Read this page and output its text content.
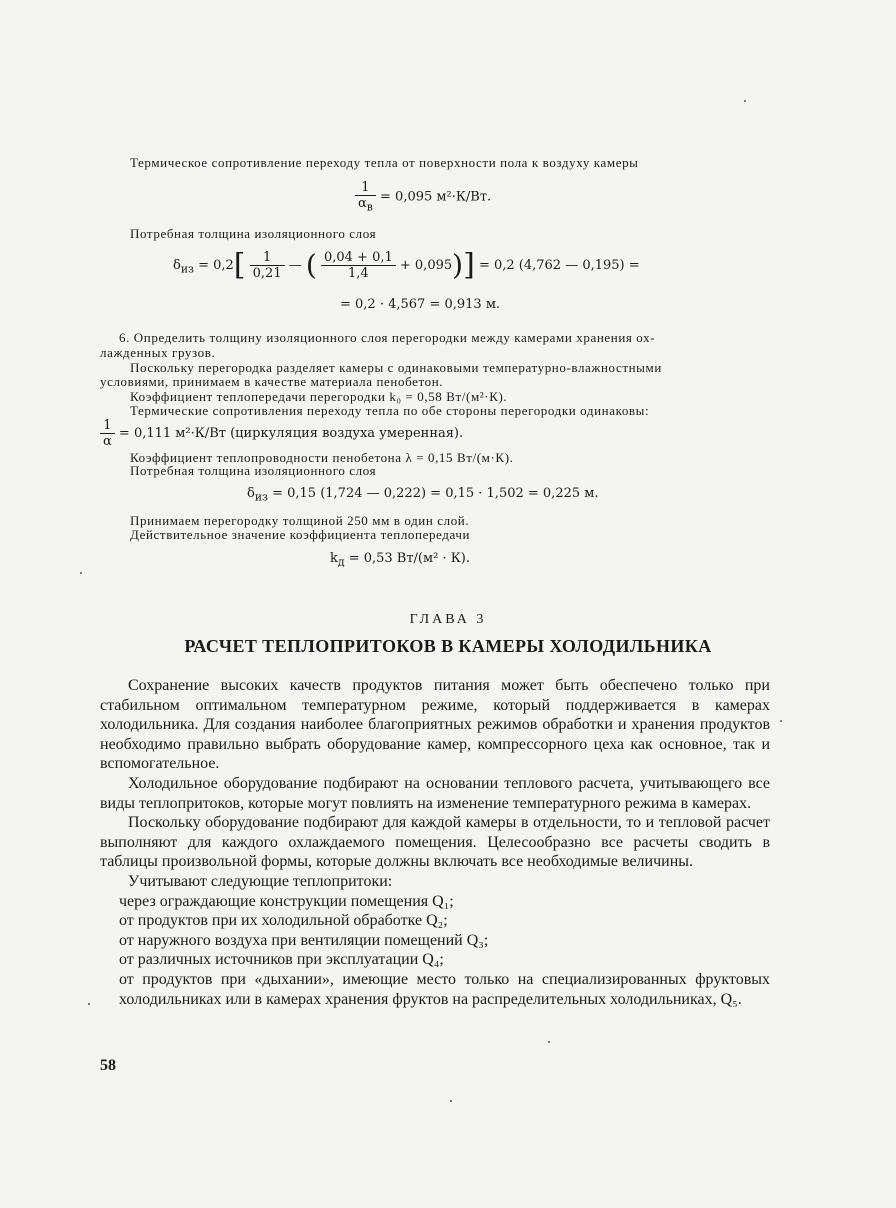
Термическое сопротивление переходу тепла от поверхности пола к воздуху камеры
$\frac{1}{\alpha_в} = 0,095$ м²·К/Вт.
Потребная толщина изоляционного слоя
$\delta_{из} = 0,2[ \frac{1}{0,21}$ — ( $\frac{0,04 + 0,1}{1,4} + 0,095)] = 0,2$ (4,762 — 0,195) =
= 0,2 · 4,567 = 0,913 м.
6. Определить толщину изоляционного слоя перегородки между камерами хранения ох-
лажденных грузов.
Поскольку перегородка разделяет камеры с одинаковыми температурно-влажностными
условиями, принимаем в качестве материала пенобетон.
Коэффициент теплопередачи перегородки k₀ = 0,58 Вт/(м²·К).
Термические сопротивления переходу тепла по обе стороны перегородки одинаковы:
$\frac{1}{\alpha} = 0,111$ м²·К/Вт (циркуляция воздуха умеренная).
Коэффициент теплопроводности пенобетона λ = 0,15 Вт/(м·К).
Потребная толщина изоляционного слоя
$\delta_{из} = 0,15$ (1,724 — 0,222) = 0,15 · 1,502 = 0,225 м.
Принимаем перегородку толщиной 250 мм в один слой.
Действительное значение коэффициента теплопередачи
$k_д = 0,53$ Вт/(м² · К).
ГЛАВА 3
РАСЧЕТ ТЕПЛОПРИТОКОВ В КАМЕРЫ ХОЛОДИЛЬНИКА

Сохранение высоких качеств продуктов питания может быть обеспечено только при стабильном оптимальном температурном режиме, который поддерживается в камерах холодильника. Для создания наиболее благоприятных режимов обработки и хранения продуктов необходимо правильно выбрать оборудование камер, компрессорного цеха как основное, так и вспомогательное.

Холодильное оборудование подбирают на основании теплового расчета, учитывающего все виды теплопритоков, которые могут повлиять на изменение температурного режима в камерах.

Поскольку оборудование подбирают для каждой камеры в отдельности, то и тепловой расчет выполняют для каждого охлаждаемого помещения. Целесообразно все расчеты сводить в таблицы произвольной формы, которые должны включать все необходимые величины.

Учитывают следующие теплопритоки:

через ограждающие конструкции помещения Q₁;
от продуктов при их холодильной обработке Q₂;
от наружного воздуха при вентиляции помещений Q₃;
от различных источников при эксплуатации Q₄;
от продуктов при «дыхании», имеющие место только на специализированных фруктовых холодильниках или в камерах хранения фруктов на распределительных холодильниках, Q₅.

58
